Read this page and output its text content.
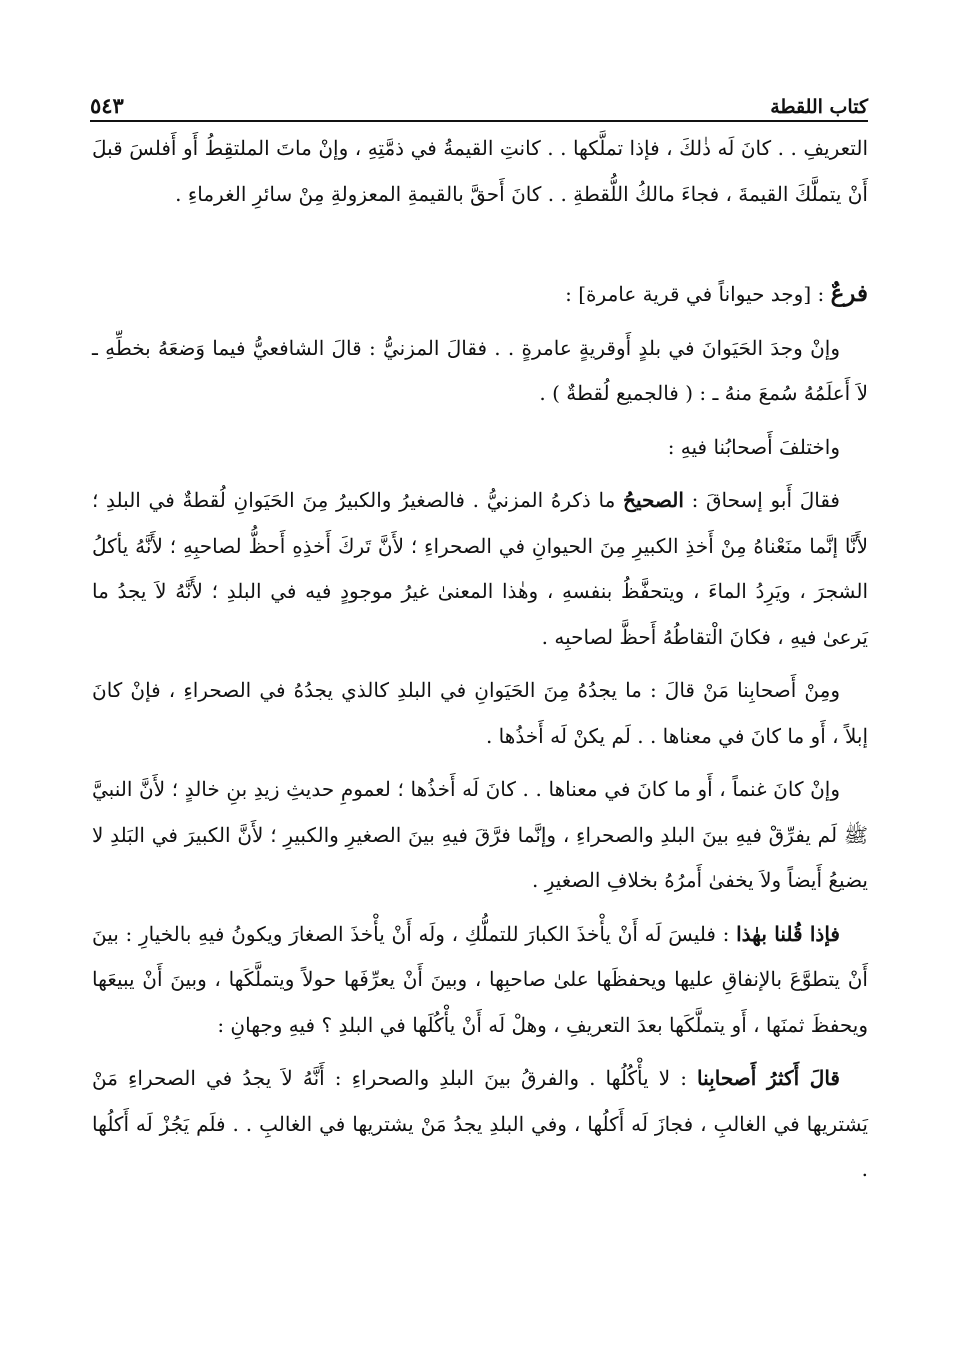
كتاب اللقطة
٥٤٣

التعريفِ . . كانَ لَه ذٰلكَ ، فإذا تملَّكها . . كانتِ القيمةُ في ذمَّتِهِ ، وإنْ ماتَ الملتقِطُ أَو أَفلسَ قبلَ أَنْ يتملَّكَ القيمةَ ، فجاءَ مالكُ اللُّقطةِ . . كانَ أَحقَّ بالقيمةِ المعزولةِ مِنْ سائرِ الغرماءِ .

فرعٌ : [وجد حيواناً في قرية عامرة] :

وإنْ وجدَ الحَيَوانَ في بلدٍ أَوقريةٍ عامرةٍ . . فقالَ المزنيُّ : قالَ الشافعيُّ فيما وَضعَهُ بخطِّهِ ـ لاَ أَعلَمُهُ سُمعَ منهُ ـ : ( فالجميع لُقطةٌ ) .

واختلفَ أَصحابُنا فيهِ :

فقالَ أَبو إسحاقَ : الصحيحُ ما ذكرهُ المزنيُّ . فالصغيرُ والكبيرُ مِنَ الحَيَوانِ لُقطةٌ في البلدِ ؛ لأَنَّا إنَّما منَعْناهُ مِنْ أَخذِ الكبيرِ مِنَ الحيوانِ في الصحراءِ ؛ لأَنَّ تَركَ أَخذِهِ أَحظُّ لصاحبِهِ ؛ لأَنَّهُ يأكلُ الشجرَ ، ويَرِدُ الماءَ ، ويتحفَّظُ بنفسهِ ، وهٰذا المعنىٰ غيرُ موجودٍ فيه في البلدِ ؛ لأَنَّهُ لاَ يجدُ ما يَرعىٰ فيهِ ، فكانَ الْتقاطُهُ أَحظَّ لصاحبِه .

ومِنْ أَصحابِنا مَنْ قالَ : ما يجدُهُ مِنَ الحَيَوانِ في البلدِ كالذي يجدُهُ في الصحراءِ ، فإنْ كانَ إبلاً ، أَو ما كانَ في معناها . . لَم يكنْ لَه أَخذُها .

وإنْ كانَ غنماً ، أَو ما كانَ في معناها . . كانَ لَه أَخذُها ؛ لعمومِ حديثِ زيدِ بنِ خالدٍ ؛ لأَنَّ النبيَّ ﷺ لَم يفرِّقْ فيهِ بينَ البلدِ والصحراءِ ، وإنَّما فرَّقَ فيهِ بينَ الصغيرِ والكبيرِ ؛ لأَنَّ الكبيرَ في البَلدِ لا يضيعُ أَيضاً ولاَ يخفىٰ أَمرُهُ بخلافِ الصغيرِ .

فإذا قُلنا بهٰذا : فليسَ لَه أَنْ يأْخذَ الكبارَ للتملُّكِ ، ولَه أَنْ يأْخذَ الصغارَ ويكونُ فيهِ بالخيارِ : بينَ أَنْ يتطوَّعَ بالإنفاقِ عليها ويحفظَها علىٰ صاحبِها ، وبينَ أَنْ يعرِّفَها حولاً ويتملَّكَها ، وبينَ أَنْ يبيعَها ويحفظَ ثمنَها ، أَو يتملَّكَها بعدَ التعريفِ ، وهلْ لَه أَنْ يأْكُلَها في البلدِ ؟ فيهِ وجهانِ :

قالَ أَكثرُ أَصحابِنا : لا يأْكُلُها . والفرقُ بينَ البلدِ والصحراءِ : أَنَّهُ لاَ يجدُ في الصحراءِ مَنْ يَشتريها في الغالبِ ، فجازَ لَه أَكلُها ، وفي البلدِ يجدُ مَنْ يشتريها في الغالبِ . . فلَم يَجُزْ لَه أَكلُها .
